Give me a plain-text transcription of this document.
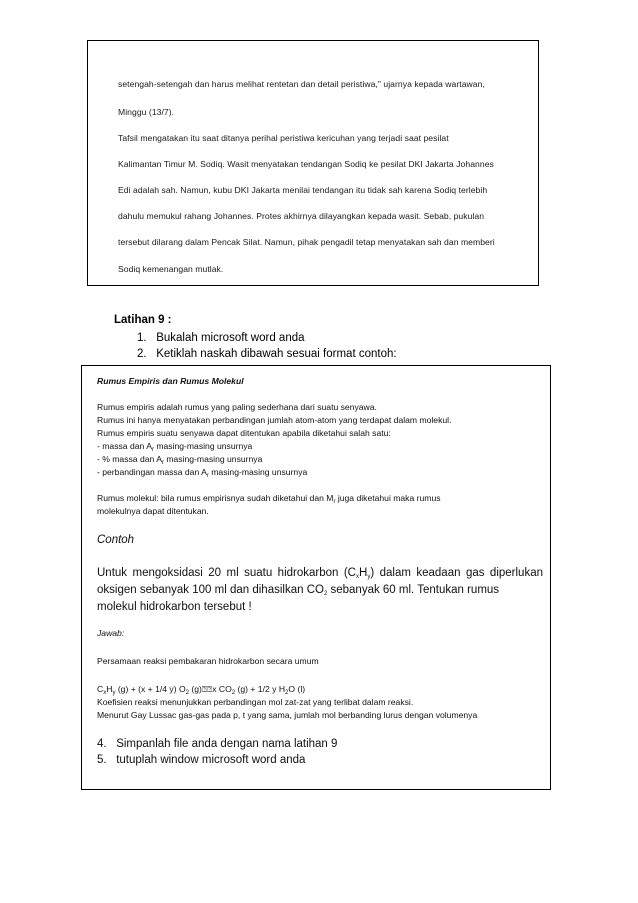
setengah-setengah dan harus melihat rentetan dan detail peristiwa," ujarnya kepada wartawan,
Minggu (13/7).
Tafsil mengatakan itu saat ditanya perihal peristiwa kericuhan yang terjadi saat pesilat
Kalimantan Timur M. Sodiq. Wasit menyatakan tendangan Sodiq ke pesilat DKI Jakarta Johannes
Edi adalah sah. Namun, kubu DKI Jakarta menilai tendangan itu tidak sah karena Sodiq terlebih
dahulu memukul rahang Johannes. Protes akhirnya dilayangkan kepada wasit. Sebab, pukulan
tersebut dilarang dalam Pencak Silat. Namun, pihak pengadil tetap menyatakan sah dan memberi
Sodiq kemenangan mutlak.
Latihan 9 :
1. Bukalah microsoft word anda
2. Ketiklah naskah dibawah sesuai format contoh:
Rumus Empiris dan Rumus Molekul
Rumus empiris adalah rumus yang paling sederhana dari suatu senyawa.
Rumus ini hanya menyatakan perbandingan jumlah atom-atom yang terdapat dalam molekul.
Rumus empiris suatu senyawa dapat ditentukan apabila diketahui salah satu:
- massa dan $A_r$ masing-masing unsurnya
- % massa dan $A_r$ masing-masing unsurnya
- perbandingan massa dan $A_r$ masing-masing unsurnya
Rumus molekul: bila rumus empirisnya sudah diketahui dan $M_r$ juga diketahui maka rumus
molekulnya dapat ditentukan.
Contoh
Untuk mengoksidasi 20 ml suatu hidrokarbon $(C_xH_y)$ dalam keadaan gas diperlukan oksigen sebanyak 100 ml dan dihasilkan $CO_2$ sebanyak 60 ml. Tentukan rumus
molekul hidrokarbon tersebut !
Jawab:
Persamaan reaksi pembakaran hidrokarbon secara umum
$C_xH_y$ (g) + (x + 1/4 y) $O_2$ (g)⍰⍰x $CO_2$ (g) + 1/2 y $H_2O$ (l)
Koefisien reaksi menunjukkan perbandingan mol zat-zat yang terlibat dalam reaksi.
Menurut Gay Lussac gas-gas pada p, t yang sama, jumlah mol berbanding lurus dengan volumenya
4. Simpanlah file anda dengan nama latihan 9
5. tutuplah window microsoft word anda
